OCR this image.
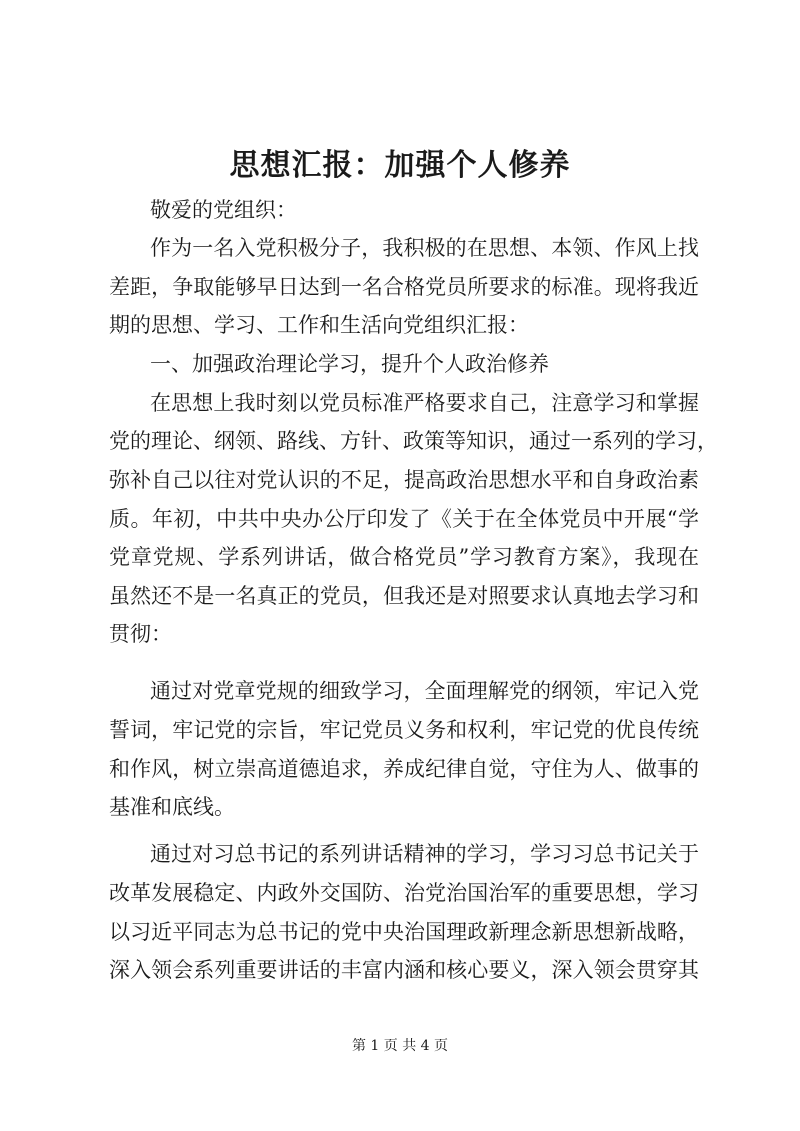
思想汇报：加强个人修养
敬爱的党组织：
作为一名入党积极分子，我积极的在思想、本领、作风上找
差距，争取能够早日达到一名合格党员所要求的标准。现将我近
期的思想、学习、工作和生活向党组织汇报：
一、加强政治理论学习，提升个人政治修养
在思想上我时刻以党员标准严格要求自己，注意学习和掌握
党的理论、纲领、路线、方针、政策等知识，通过一系列的学习，
弥补自己以往对党认识的不足，提高政治思想水平和自身政治素
质。年初，中共中央办公厅印发了《关于在全体党员中开展“学
党章党规、学系列讲话，做合格党员”学习教育方案》，我现在
虽然还不是一名真正的党员，但我还是对照要求认真地去学习和
贯彻：
通过对党章党规的细致学习，全面理解党的纲领，牢记入党
誓词，牢记党的宗旨，牢记党员义务和权利，牢记党的优良传统
和作风，树立崇高道德追求，养成纪律自觉，守住为人、做事的
基准和底线。
通过对习总书记的系列讲话精神的学习，学习习总书记关于
改革发展稳定、内政外交国防、治党治国治军的重要思想，学习
以习近平同志为总书记的党中央治国理政新理念新思想新战略，
深入领会系列重要讲话的丰富内涵和核心要义，深入领会贯穿其
第 1 页 共 4 页
